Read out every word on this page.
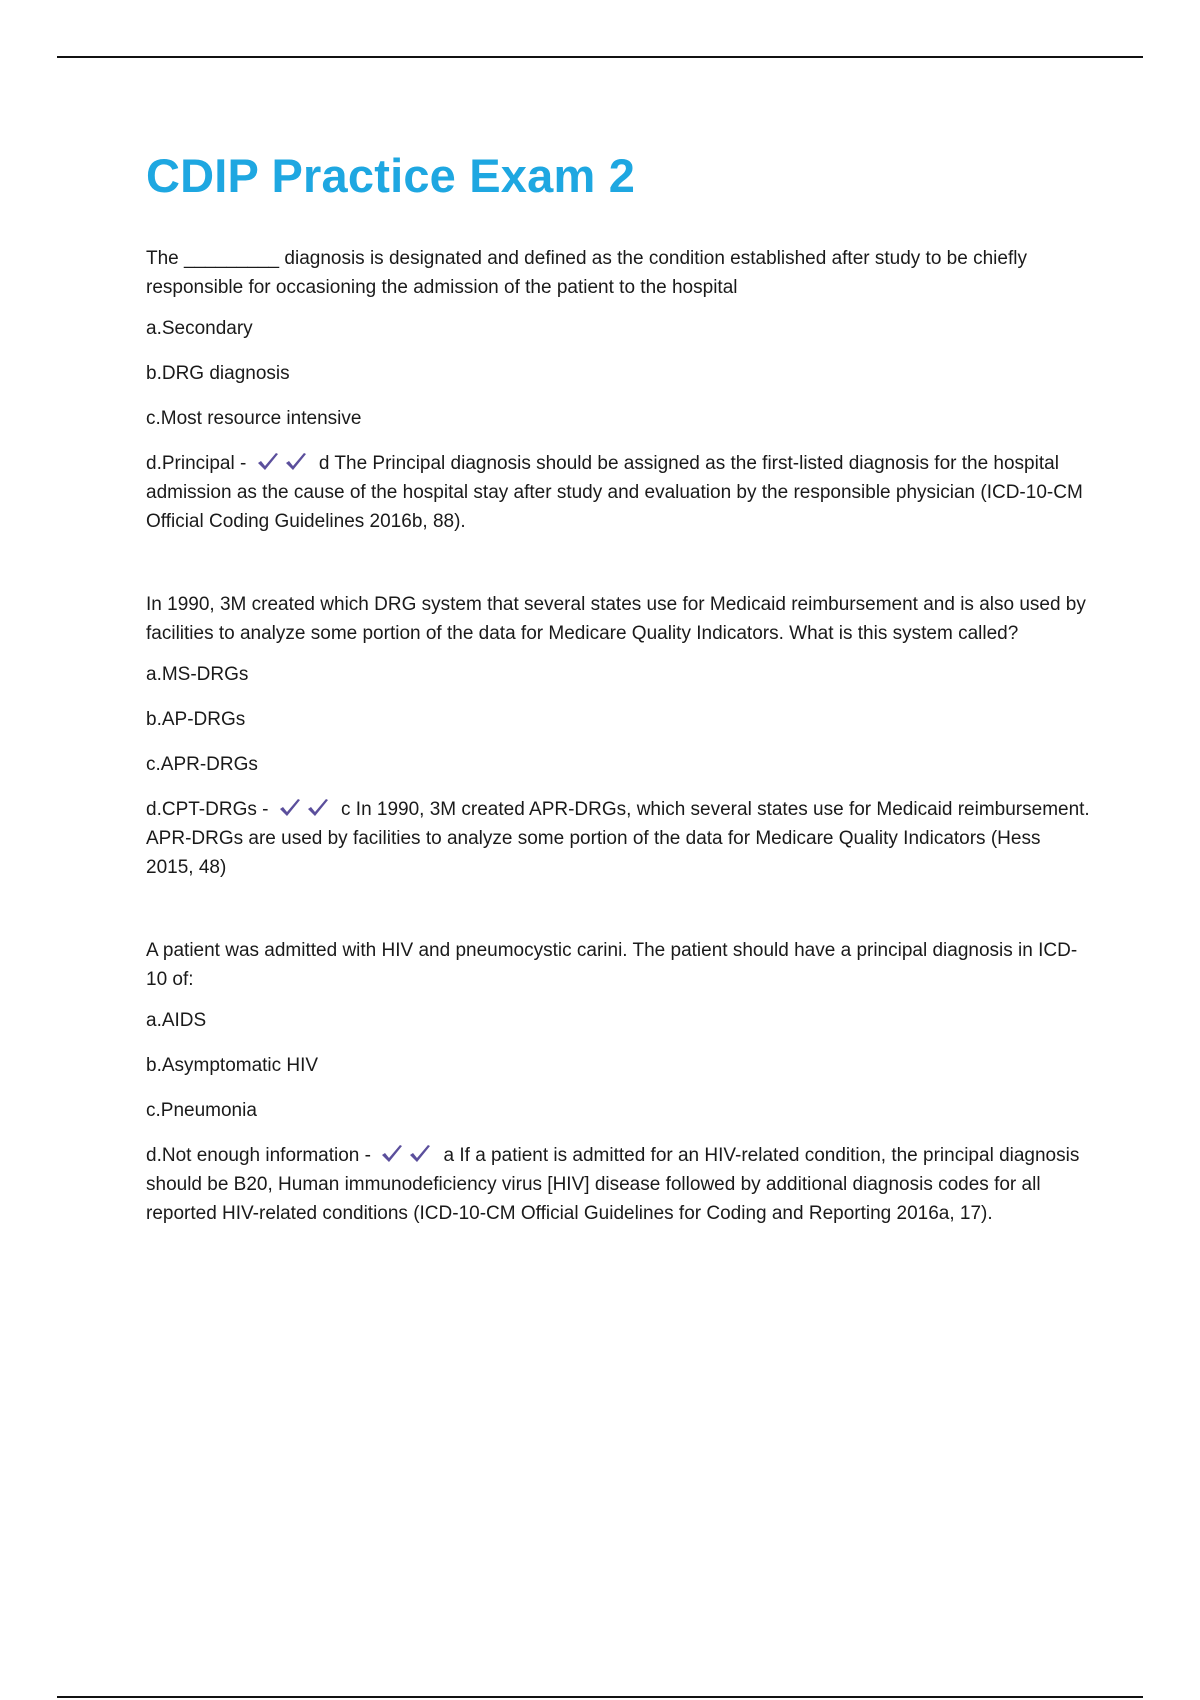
CDIP Practice Exam 2

The _________ diagnosis is designated and defined as the condition established after study to be chiefly responsible for occasioning the admission of the patient to the hospital

a.Secondary

b.DRG diagnosis

c.Most resource intensive

d.Principal -	d The Principal diagnosis should be assigned as the first-listed diagnosis for the hospital admission as the cause of the hospital stay after study and evaluation by the responsible physician (ICD-10-CM Official Coding Guidelines 2016b, 88).

In 1990, 3M created which DRG system that several states use for Medicaid reimbursement and is also used by facilities to analyze some portion of the data for Medicare Quality Indicators. What is this system called?

a.MS-DRGs

b.AP-DRGs

c.APR-DRGs

d.CPT-DRGs -	c In 1990, 3M created APR-DRGs, which several states use for Medicaid reimbursement. APR-DRGs are used by facilities to analyze some portion of the data for Medicare Quality Indicators (Hess 2015, 48)

A patient was admitted with HIV and pneumocystic carini. The patient should have a principal diagnosis in ICD-10 of:

a.AIDS

b.Asymptomatic HIV

c.Pneumonia

d.Not enough information -	a If a patient is admitted for an HIV-related condition, the principal diagnosis should be B20, Human immunodeficiency virus [HIV] disease followed by additional diagnosis codes for all reported HIV-related conditions (ICD-10-CM Official Guidelines for Coding and Reporting 2016a, 17).
